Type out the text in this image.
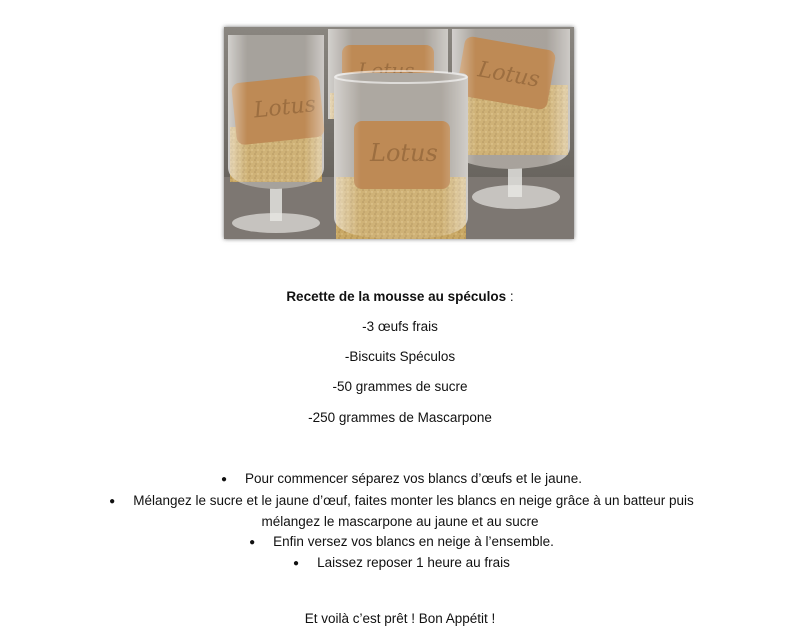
Recette de la mousse au spéculos :
-3 œufs frais
-Biscuits Spéculos
-50 grammes de sucre
-250 grammes de Mascarpone
● Pour commencer séparez vos blancs d’œufs et le jaune.
● Mélangez le sucre et le jaune d’œuf, faites monter les blancs en neige grâce à un batteur puis mélangez le mascarpone au jaune et au sucre
● Enfin versez vos blancs en neige à l’ensemble.
● Laissez reposer 1 heure au frais
Et voilà c’est prêt ! Bon Appétit !
